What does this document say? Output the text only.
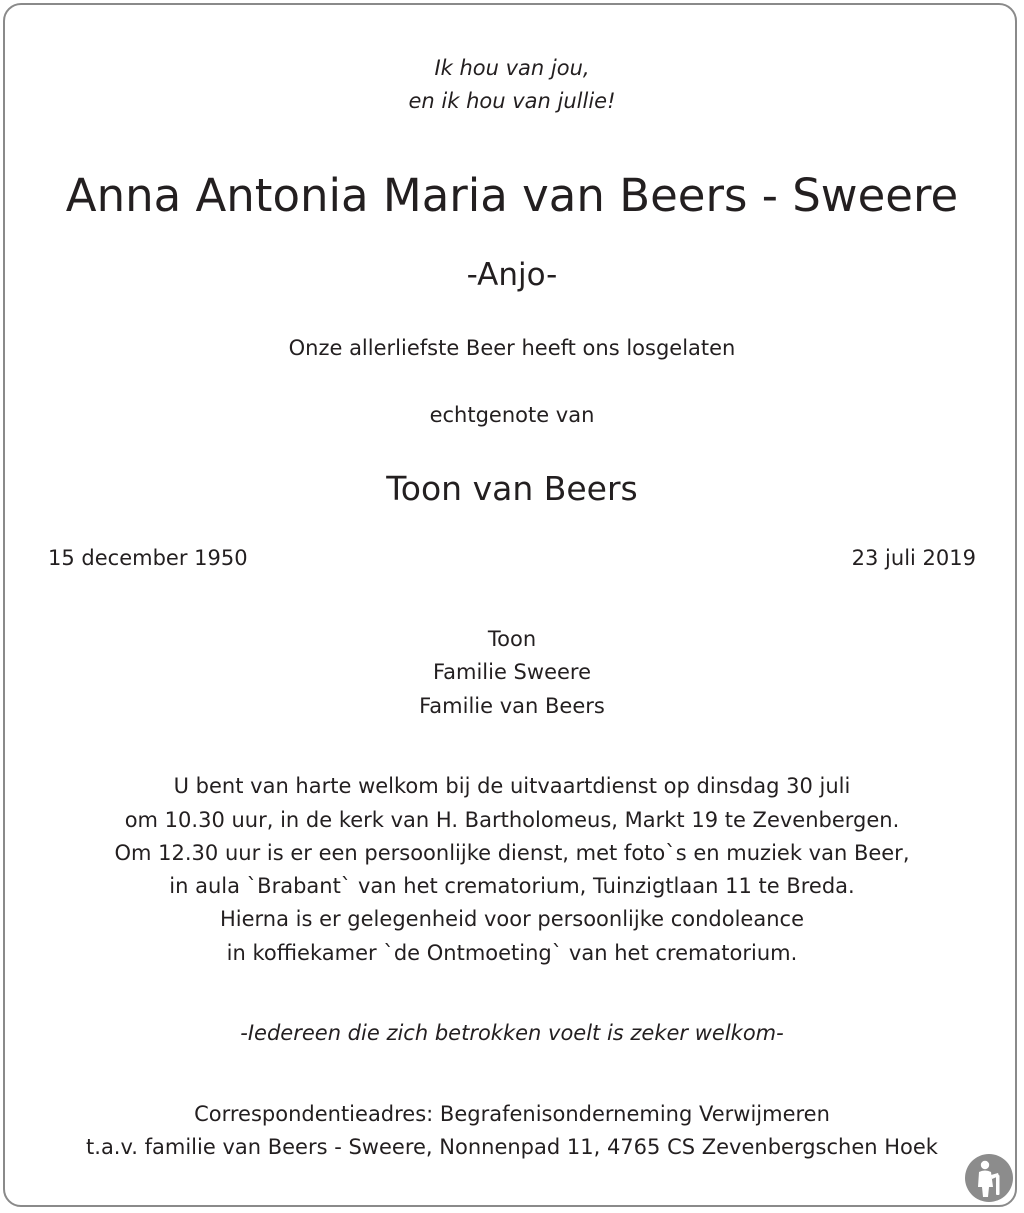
Ik hou van jou,
en ik hou van jullie!
Anna Antonia Maria van Beers - Sweere
-Anjo-
Onze allerliefste Beer heeft ons losgelaten
echtgenote van
Toon van Beers
15 december 1950	23 juli 2019
Toon
Familie Sweere
Familie van Beers
U bent van harte welkom bij de uitvaartdienst op dinsdag 30 juli
om 10.30 uur, in de kerk van H. Bartholomeus, Markt 19 te Zevenbergen.
Om 12.30 uur is er een persoonlijke dienst, met foto`s en muziek van Beer,
in aula `Brabant` van het crematorium, Tuinzigtlaan 11 te Breda.
Hierna is er gelegenheid voor persoonlijke condoleance
in koffiekamer `de Ontmoeting` van het crematorium.
-Iedereen die zich betrokken voelt is zeker welkom-
Correspondentieadres: Begrafenisonderneming Verwijmeren
t.a.v. familie van Beers - Sweere, Nonnenpad 11, 4765 CS Zevenbergschen Hoek
